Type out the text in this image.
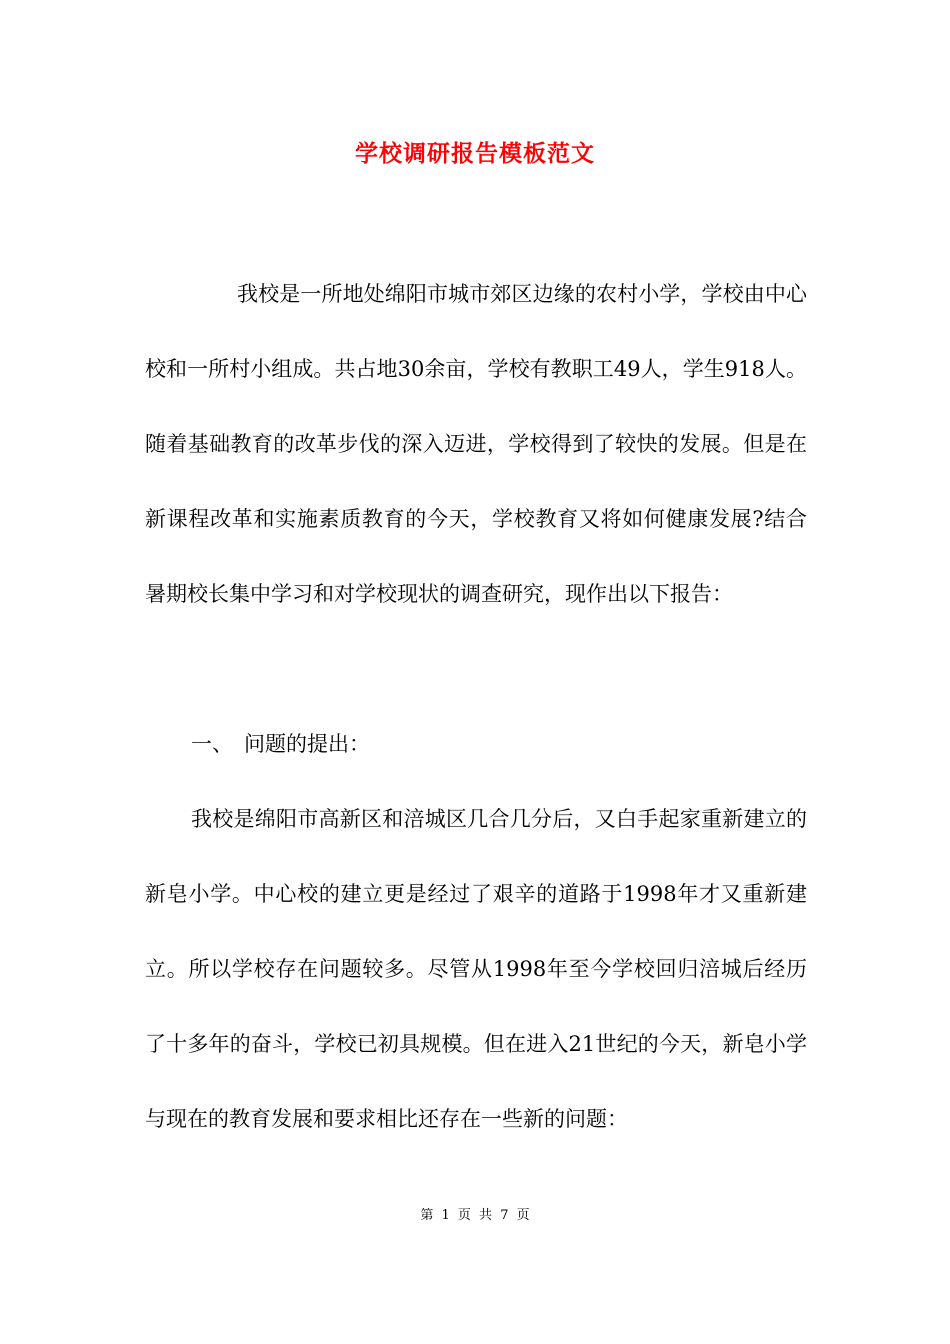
学校调研报告模板范文

我校是一所地处绵阳市城市郊区边缘的农村小学，学校由中心校和一所村小组成。共占地30余亩，学校有教职工49人，学生918人。随着基础教育的改革步伐的深入迈进，学校得到了较快的发展。但是在新课程改革和实施素质教育的今天，学校教育又将如何健康发展?结合暑期校长集中学习和对学校现状的调查研究，现作出以下报告：

一、 问题的提出：

我校是绵阳市高新区和涪城区几合几分后，又白手起家重新建立的新皂小学。中心校的建立更是经过了艰辛的道路于1998年才又重新建立。所以学校存在问题较多。尽管从1998年至今学校回归涪城后经历了十多年的奋斗，学校已初具规模。但在进入21世纪的今天，新皂小学与现在的教育发展和要求相比还存在一些新的问题：

第 1 页 共 7 页
